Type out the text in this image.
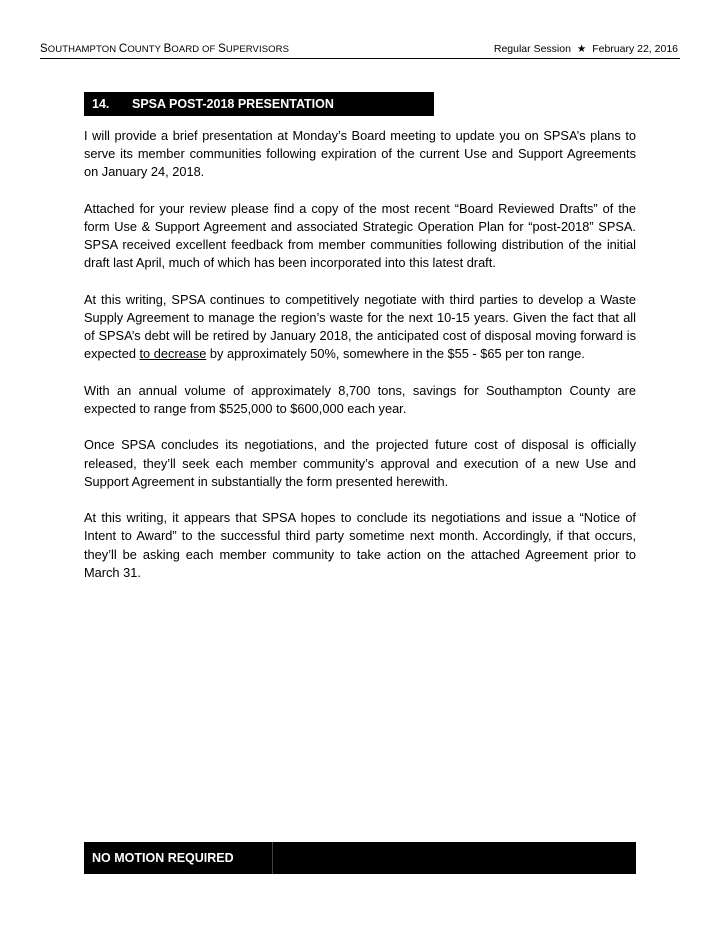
SOUTHAMPTON COUNTY BOARD OF SUPERVISORS	Regular Session ★ February 22, 2016
14. SPSA POST-2018 PRESENTATION

I will provide a brief presentation at Monday’s Board meeting to update you on SPSA’s plans to serve its member communities following expiration of the current Use and Support Agreements on January 24, 2018.

Attached for your review please find a copy of the most recent “Board Reviewed Drafts” of the form Use & Support Agreement and associated Strategic Operation Plan for “post-2018” SPSA. SPSA received excellent feedback from member communities following distribution of the initial draft last April, much of which has been incorporated into this latest draft.

At this writing, SPSA continues to competitively negotiate with third parties to develop a Waste Supply Agreement to manage the region’s waste for the next 10-15 years. Given the fact that all of SPSA’s debt will be retired by January 2018, the anticipated cost of disposal moving forward is expected to decrease by approximately 50%, somewhere in the $55 - $65 per ton range.

With an annual volume of approximately 8,700 tons, savings for Southampton County are expected to range from $525,000 to $600,000 each year.

Once SPSA concludes its negotiations, and the projected future cost of disposal is officially released, they’ll seek each member community’s approval and execution of a new Use and Support Agreement in substantially the form presented herewith.

At this writing, it appears that SPSA hopes to conclude its negotiations and issue a “Notice of Intent to Award” to the successful third party sometime next month. Accordingly, if that occurs, they’ll be asking each member community to take action on the attached Agreement prior to March 31.

NO MOTION REQUIRED
